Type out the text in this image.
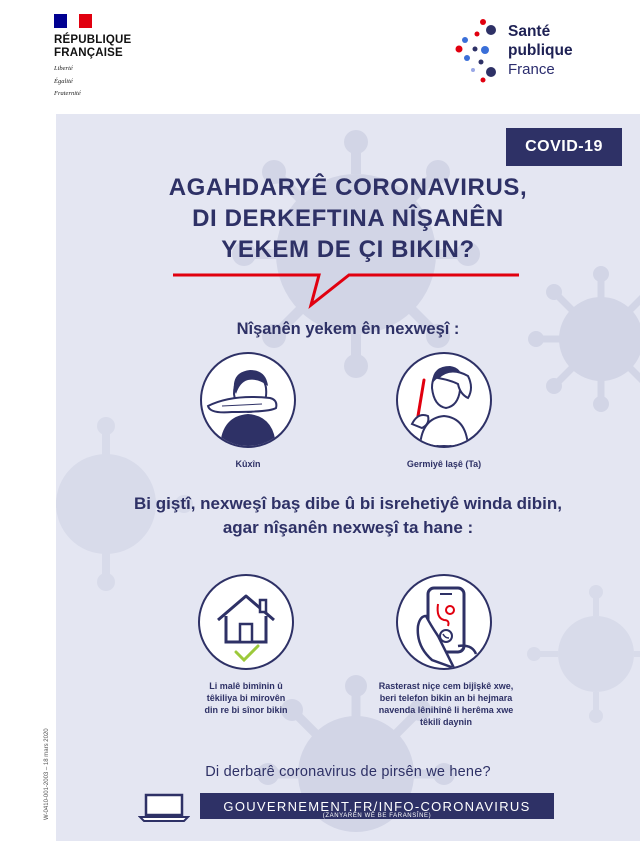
RÉPUBLIQUE
FRANÇAISE
Liberté
Égalité
Fraternité
Santé
publique
France
COVID-19
AGAHDARYÊ CORONAVIRUS,
DI DERKEFTINA NÎŞANÊN
YEKEM DE ÇI BIKIN?
Nîşanên yekem ên nexweşî :
Kûxîn	Germiyê laşê (Ta)
Bi giştî, nexweşî baş dibe û bi isrehetiyê winda dibin,
agar nîşanên nexweşî ta hane :
Li malê bimînin û
têkiliya bi mirovên
din re bi sînor bikin
Rasterast niçe cem bijîşkê xwe,
beri telefon bikin an bi hejmara
navenda lênihînê li herêma xwe
têkilî daynin
Di derbarê coronavirus de pirsên we hene?
GOUVERNEMENT.FR/INFO-CORONAVIRUS
(ZANYARÊN WÊ BE FARANSÎNE)
W-0410-001-2003 – 18 mars 2020
